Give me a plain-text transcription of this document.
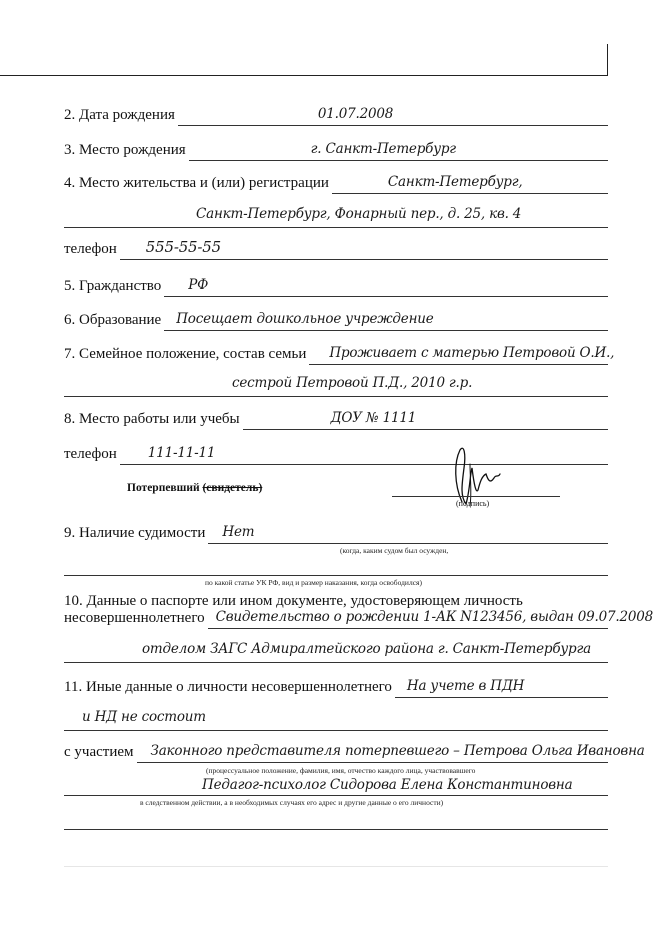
2. Дата рождения	01.07.2008
3. Место рождения	г. Санкт-Петербург
4. Место жительства и (или) регистрации	Санкт-Петербург,
Санкт-Петербург, Фонарный пер., д. 25, кв. 4
телефон 555-55-55
5. Гражданство РФ
6. Образование Посещает дошкольное учреждение
7. Семейное положение, состав семьи Проживает с матерью Петровой О.И.,
сестрой Петровой П.Д., 2010 г.р.
8. Место работы или учебы	ДОУ № 1111
телефон 111-11-11
Потерпевший (свидетель)
(подпись)
9. Наличие судимости Нет
(когда, каким судом был осужден,
по какой статье УК РФ, вид и размер наказания, когда освободился)
10. Данные о паспорте или ином документе, удостоверяющем личность
несовершеннолетнего Свидетельство о рождении 1-АК N123456, выдан 09.07.2008
отделом ЗАГС Адмиралтейского района г. Санкт-Петербурга
11. Иные данные о личности несовершеннолетнего На учете в ПДН
и НД не состоит
с участием Законного представителя потерпевшего – Петрова Ольга Ивановна
(процессуальное положение, фамилия, имя, отчество каждого лица, участвовавшего
Педагог-психолог Сидорова Елена Константиновна
в следственном действии, а в необходимых случаях его адрес и другие данные о его личности)
